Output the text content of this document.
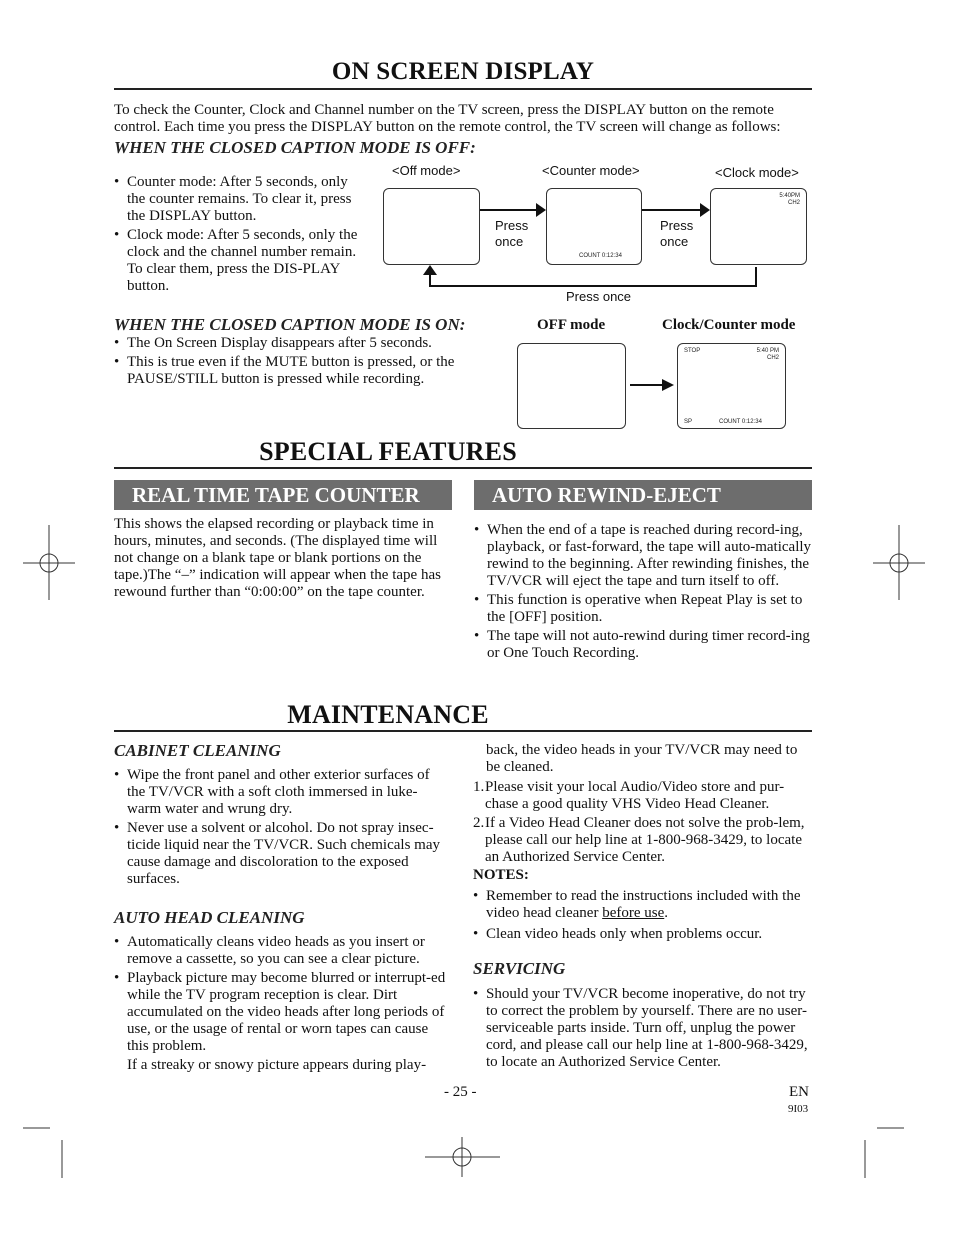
ON SCREEN DISPLAY
To check the Counter, Clock and Channel number on the TV screen, press the DISPLAY button on the remote control. Each time you press the DISPLAY button on the remote control, the TV screen will change as follows:
WHEN THE CLOSED CAPTION MODE IS OFF:
• Counter mode: After 5 seconds, only the counter remains. To clear it, press the DISPLAY button.
• Clock mode: After 5 seconds, only the clock and the channel number remain. To clear them, press the DIS-PLAY button.
<Off mode>	<Counter mode>	<Clock mode>
COUNT 0:12:34
5:40PM
CH2
Press
once
Press
once
Press once
WHEN THE CLOSED CAPTION MODE IS ON:
• The On Screen Display disappears after 5 seconds.
• This is true even if the MUTE button is pressed, or the PAUSE/STILL button is pressed while recording.
OFF mode	Clock/Counter mode
STOP	5:40 PM
CH2
SP	COUNT 0:12:34
SPECIAL FEATURES
REAL TIME TAPE COUNTER	AUTO REWIND-EJECT
This shows the elapsed recording or playback time in hours, minutes, and seconds. (The displayed time will not change on a blank tape or blank portions on the tape.)The “–” indication will appear when the tape has rewound further than “0:00:00” on the tape counter.
• When the end of a tape is reached during record-ing, playback, or fast-forward, the tape will auto-matically rewind to the beginning. After rewinding finishes, the TV/VCR will eject the tape and turn itself to off.
• This function is operative when Repeat Play is set to the [OFF] position.
• The tape will not auto-rewind during timer record-ing or One Touch Recording.
MAINTENANCE
CABINET CLEANING
• Wipe the front panel and other exterior surfaces of the TV/VCR with a soft cloth immersed in luke-warm water and wrung dry.
• Never use a solvent or alcohol. Do not spray insec-ticide liquid near the TV/VCR. Such chemicals may cause damage and discoloration to the exposed surfaces.
AUTO HEAD CLEANING
• Automatically cleans video heads as you insert or remove a cassette, so you can see a clear picture.
• Playback picture may become blurred or interrupt-ed while the TV program reception is clear. Dirt accumulated on the video heads after long periods of use, or the usage of rental or worn tapes can cause this problem.
If a streaky or snowy picture appears during play-
back, the video heads in your TV/VCR may need to be cleaned.
1. Please visit your local Audio/Video store and pur-chase a good quality VHS Video Head Cleaner.
2. If a Video Head Cleaner does not solve the prob-lem, please call our help line at 1-800-968-3429, to locate an Authorized Service Center.
NOTES:
• Remember to read the instructions included with the video head cleaner before use.
• Clean video heads only when problems occur.
SERVICING
• Should your TV/VCR become inoperative, do not try to correct the problem by yourself. There are no user-serviceable parts inside. Turn off, unplug the power cord, and please call our help line at 1-800-968-3429, to locate an Authorized Service Center.
- 25 -	EN
9I03
